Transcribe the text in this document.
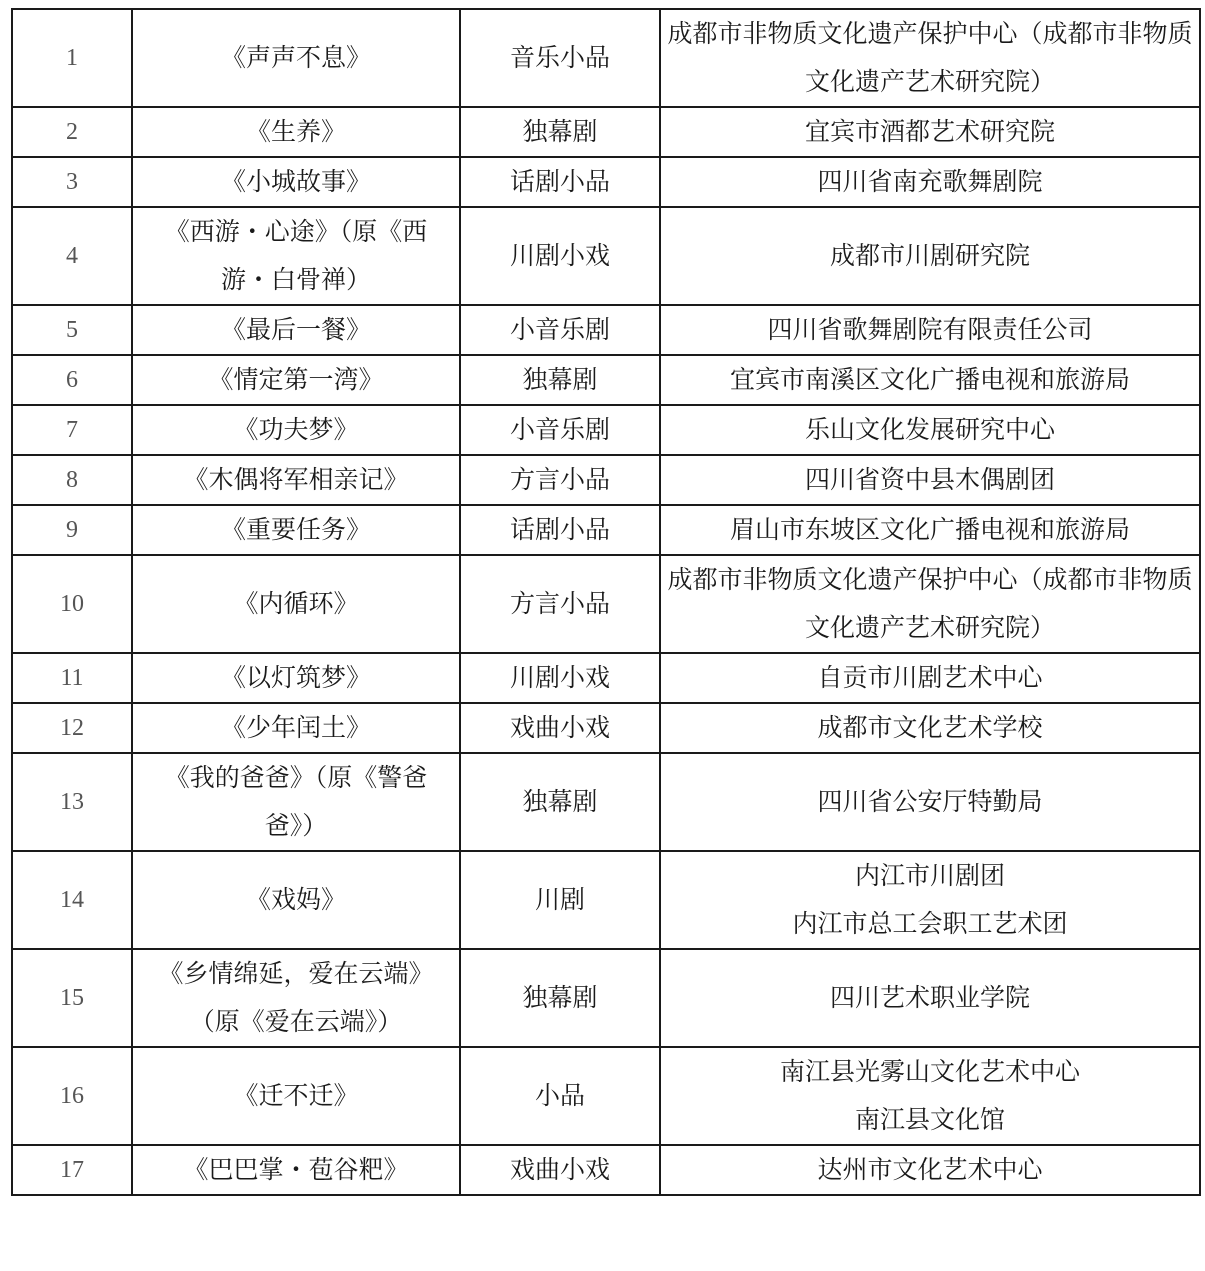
1	《声声不息》	音乐小品	成都市非物质文化遗产保护中心（成都市非物质文化遗产艺术研究院）

2	《生养》	独幕剧	宜宾市酒都艺术研究院

3	《小城故事》	话剧小品	四川省南充歌舞剧院

4	《西游・心途》（原《西游・白骨禅）	川剧小戏	成都市川剧研究院

5	《最后一餐》	小音乐剧	四川省歌舞剧院有限责任公司

6	《情定第一湾》	独幕剧	宜宾市南溪区文化广播电视和旅游局

7	《功夫梦》	小音乐剧	乐山文化发展研究中心

8	《木偶将军相亲记》	方言小品	四川省资中县木偶剧团

9	《重要任务》	话剧小品	眉山市东坡区文化广播电视和旅游局

10	《内循环》	方言小品	成都市非物质文化遗产保护中心（成都市非物质文化遗产艺术研究院）

11	《以灯筑梦》	川剧小戏	自贡市川剧艺术中心

12	《少年闰土》	戏曲小戏	成都市文化艺术学校

13	《我的爸爸》（原《警爸爸》）	独幕剧	四川省公安厅特勤局

14	《戏妈》	川剧	内江市川剧团
内江市总工会职工艺术团

15	《乡情绵延，爱在云端》（原《爱在云端》）	独幕剧	四川艺术职业学院

16	《迁不迁》	小品	南江县光雾山文化艺术中心
南江县文化馆

17	《巴巴掌・苞谷粑》	戏曲小戏	达州市文化艺术中心
